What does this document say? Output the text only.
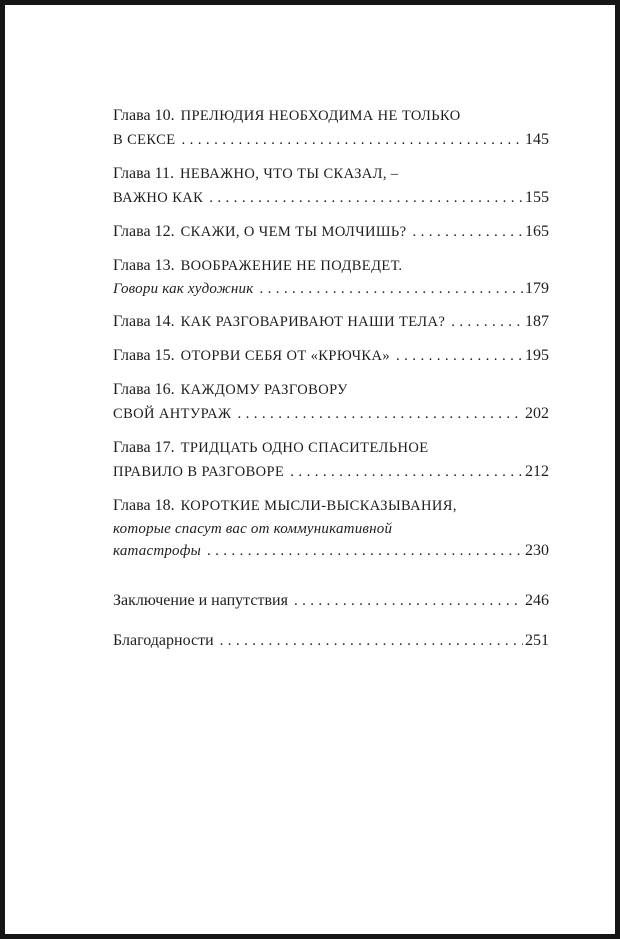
Глава 10. ПРЕЛЮДИЯ НЕОБХОДИМА НЕ ТОЛЬКО
В СЕКСЕ .....	145
Глава 11. НЕВАЖНО, ЧТО ТЫ СКАЗАЛ, –
ВАЖНО КАК .....	155
Глава 12. СКАЖИ, О ЧЕМ ТЫ МОЛЧИШЬ? .....	165
Глава 13. ВООБРАЖЕНИЕ НЕ ПОДВЕДЕТ.
Говори как художник .....	179
Глава 14. КАК РАЗГОВАРИВАЮТ НАШИ ТЕЛА? .....	187
Глава 15. ОТОРВИ СЕБЯ ОТ «КРЮЧКА» .....	195
Глава 16. КАЖДОМУ РАЗГОВОРУ
СВОЙ АНТУРАЖ .....	202
Глава 17. ТРИДЦАТЬ ОДНО СПАСИТЕЛЬНОЕ
ПРАВИЛО В РАЗГОВОРЕ .....	212
Глава 18. КОРОТКИЕ МЫСЛИ-ВЫСКАЗЫВАНИЯ,
которые спасут вас от коммуникативной
катастрофы .....	230
Заключение и напутствия .....	246
Благодарности .....	251
